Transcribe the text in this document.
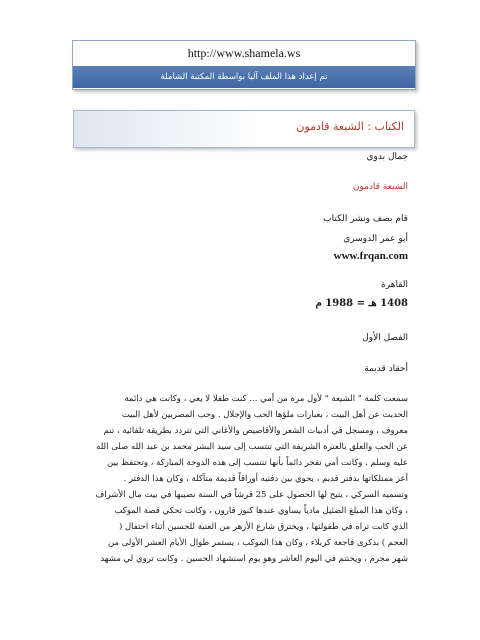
http://www.shamela.ws
تم إعداد هذا الملف آليا بواسطة المكتبة الشاملة
الكتاب : الشيعة قادمون
جمال بدوي
الشيعة قادمون
قام بصف ونشر الكتاب
أبو عمر الدوسري
www.frqan.com
القاهرة
1408 هـ = 1988 م
الفصل الأول
أحقاد قديمة
سمعت كلمة " الشيعة " لأول مرة من أمي ... كنت طفلا لا يعي ، وكانت هي دائمة
الحديث عن أهل البيت ، بعبارات ملؤها الحب والإجلال . وحب المصريين لأهل البيت
معروف ، ومسجل في أدبيات الشعر والأقاصيص والأغاني التي تتردد بطريقة تلقائية ، تنم
عن الحب والعلق بالعترة الشريفة التي تنتسب إلى سيد البشر محمد بن عبد الله صلى الله
عليه وسلم . وكانت أمي تفخر دائماً بأنها تنتسب إلى هذه الدوحة المباركة ، وتحتفظ بين
أعز ممتلكاتها بدفتر قديم ، يحوي بين دفتيه أوراقاً قديمة متآكلة ، وكان هذا الدفتر .
وتسميه السركي ، يتيح لها الحصول على 25 قرشاً في السنة نصيبها في بيت مال الأشراف
، وكان هذا المبلغ الضئيل مادياً يساوي عندها كنوز قارون ، وكانت تحكي قصة الموكب
الذي كانت تراه في طفولتها ، ويخترق شارع الأزهر من العتبة للحسين أثناء احتفال (
العجم ) بذكرى فاجعة كربلاء ، وكان هذا الموكب ، يستمر طوال الأيام العشر الأولى من
شهر محرم ، ويختتم في اليوم العاشر وهو يوم استشهاد الحسين . وكانت تروي لي مشهد
